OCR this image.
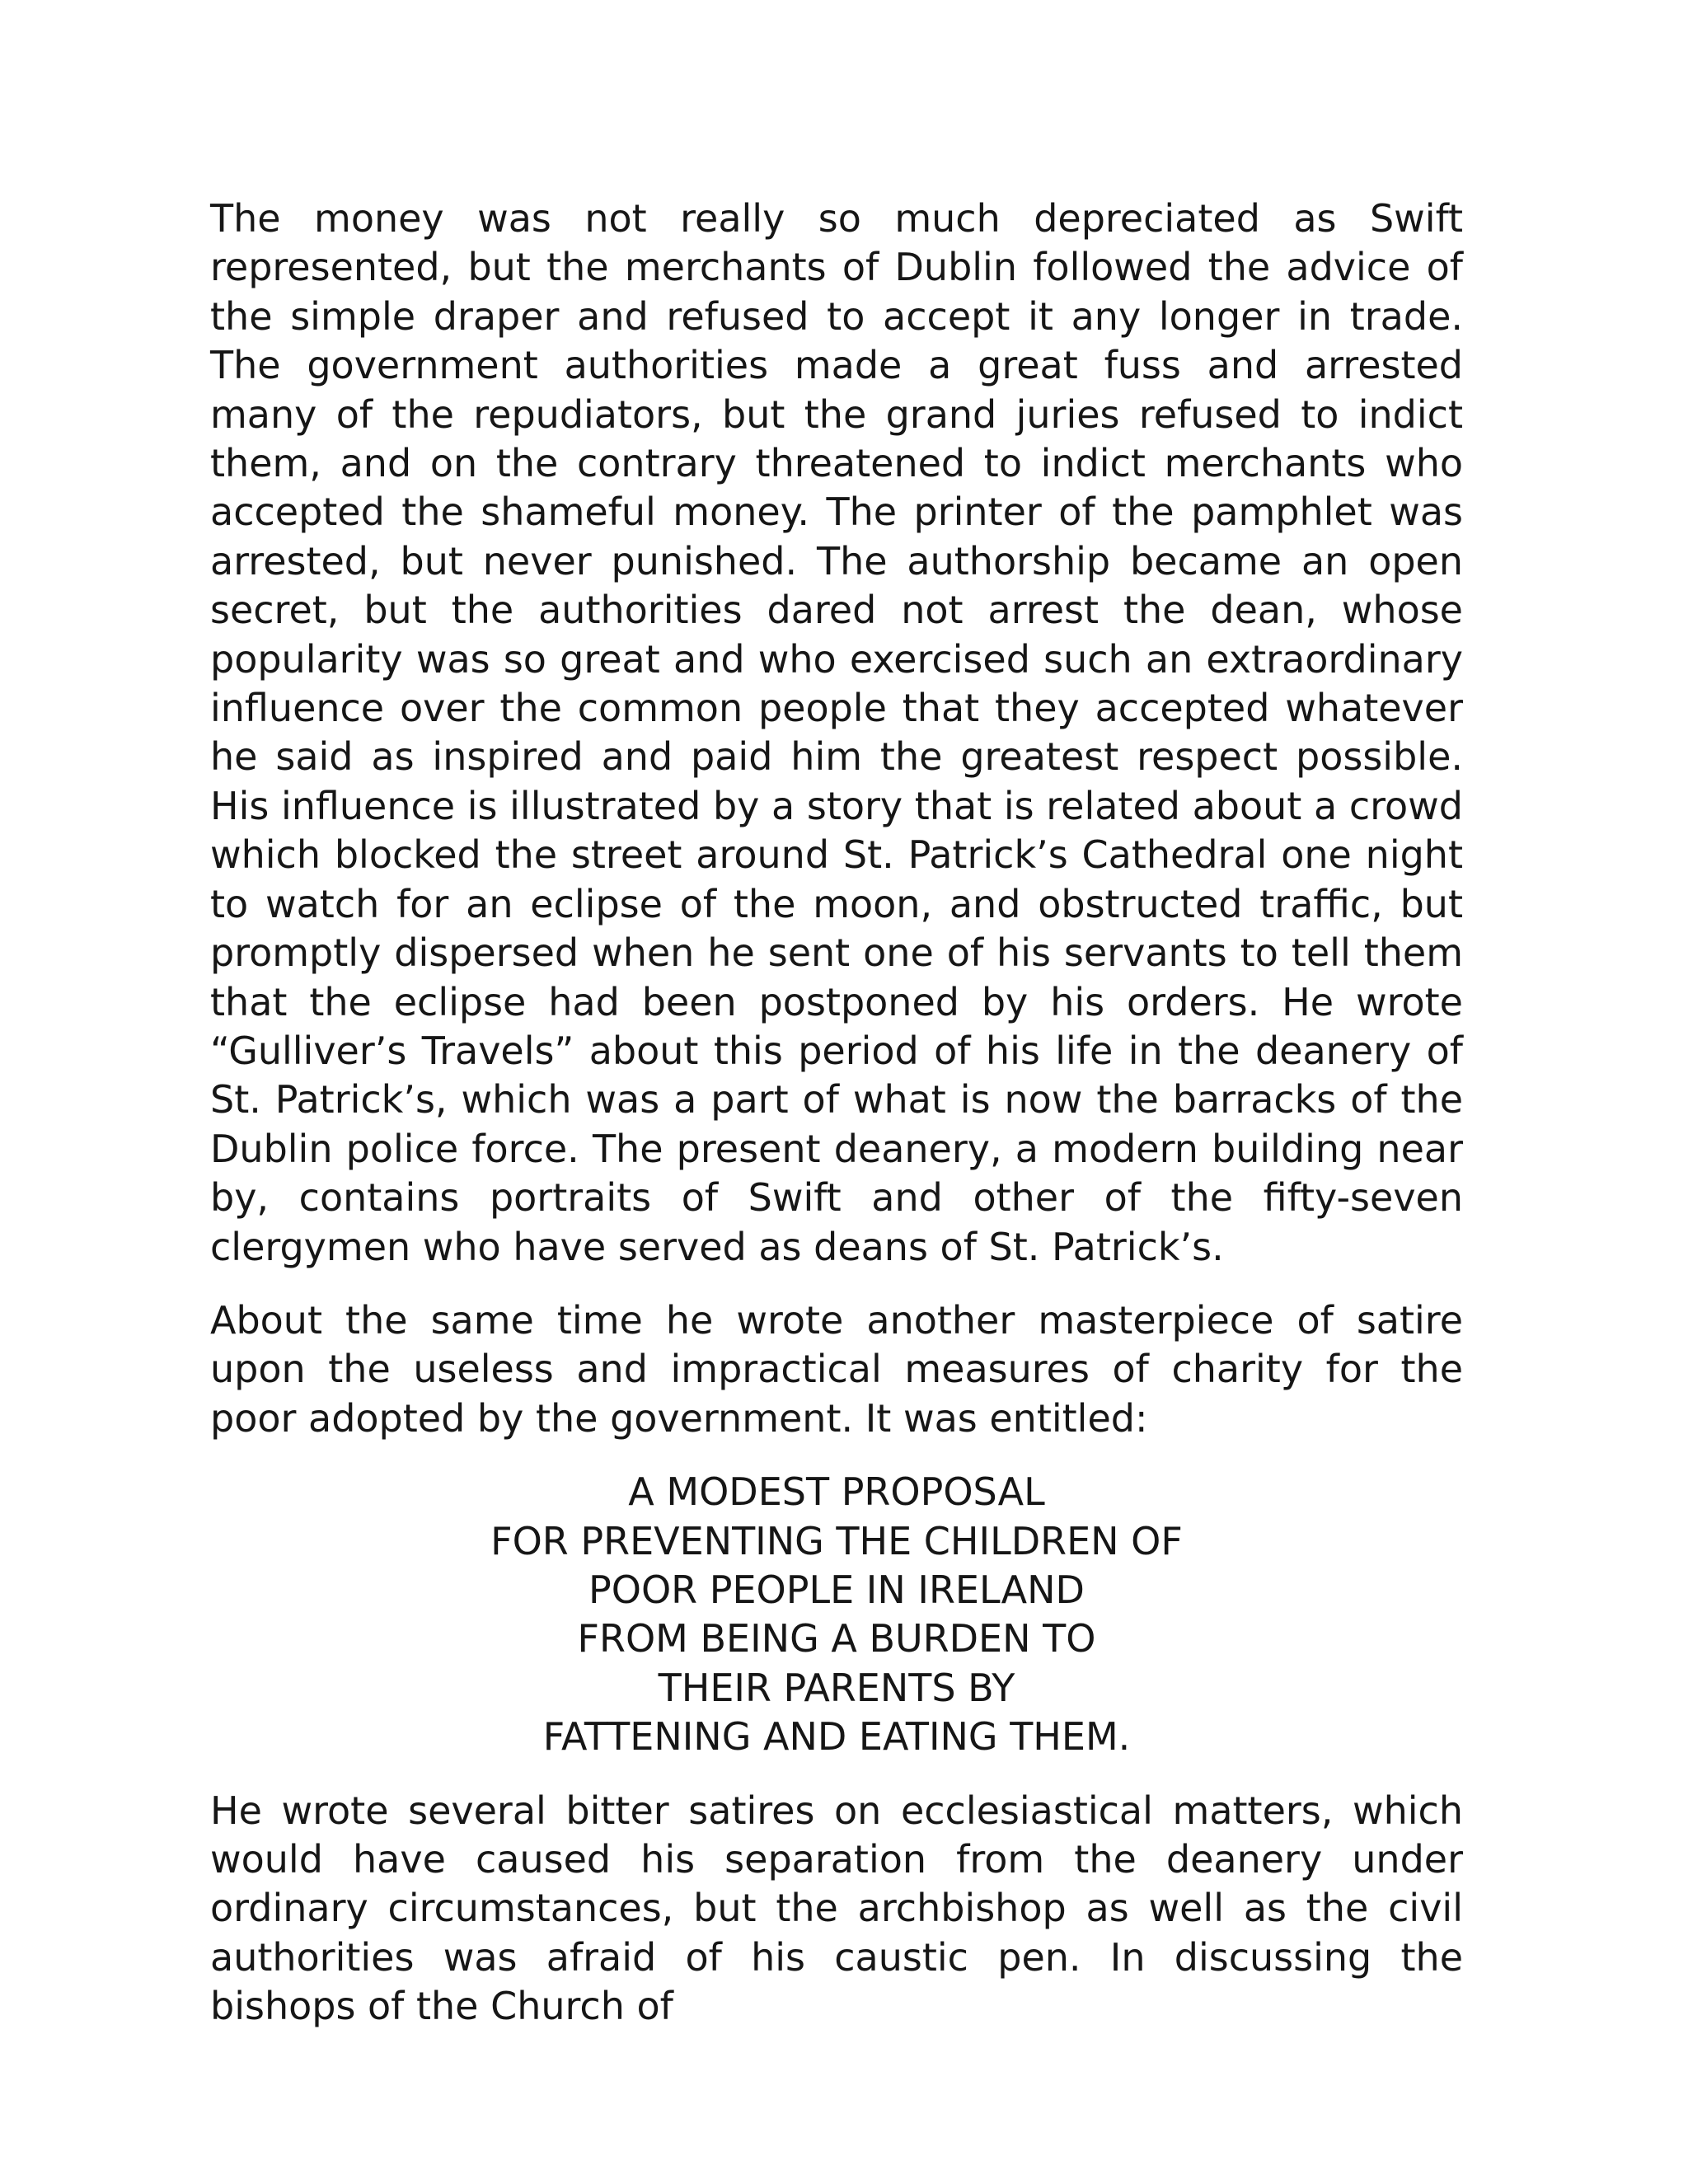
The money was not really so much depreciated as Swift represented, but the merchants of Dublin followed the advice of the simple draper and refused to accept it any longer in trade. The government authorities made a great fuss and arrested many of the repudiators, but the grand juries refused to indict them, and on the contrary threatened to indict merchants who accepted the shameful money. The printer of the pamphlet was arrested, but never punished. The authorship became an open secret, but the authorities dared not arrest the dean, whose popularity was so great and who exercised such an extraordinary influence over the common people that they accepted whatever he said as inspired and paid him the greatest respect possible. His influence is illustrated by a story that is related about a crowd which blocked the street around St. Patrick’s Cathedral one night to watch for an eclipse of the moon, and obstructed traffic, but promptly dispersed when he sent one of his servants to tell them that the eclipse had been postponed by his orders. He wrote “Gulliver’s Travels” about this period of his life in the deanery of St. Patrick’s, which was a part of what is now the barracks of the Dublin police force. The present deanery, a modern building near by, contains portraits of Swift and other of the fifty-seven clergymen who have served as deans of St. Patrick’s.

About the same time he wrote another masterpiece of satire upon the useless and impractical measures of charity for the poor adopted by the government. It was entitled:

A MODEST PROPOSAL
FOR PREVENTING THE CHILDREN OF
POOR PEOPLE IN IRELAND
FROM BEING A BURDEN TO
THEIR PARENTS BY
FATTENING AND EATING THEM.

He wrote several bitter satires on ecclesiastical matters, which would have caused his separation from the deanery under ordinary circumstances, but the archbishop as well as the civil authorities was afraid of his caustic pen. In discussing the bishops of the Church of
